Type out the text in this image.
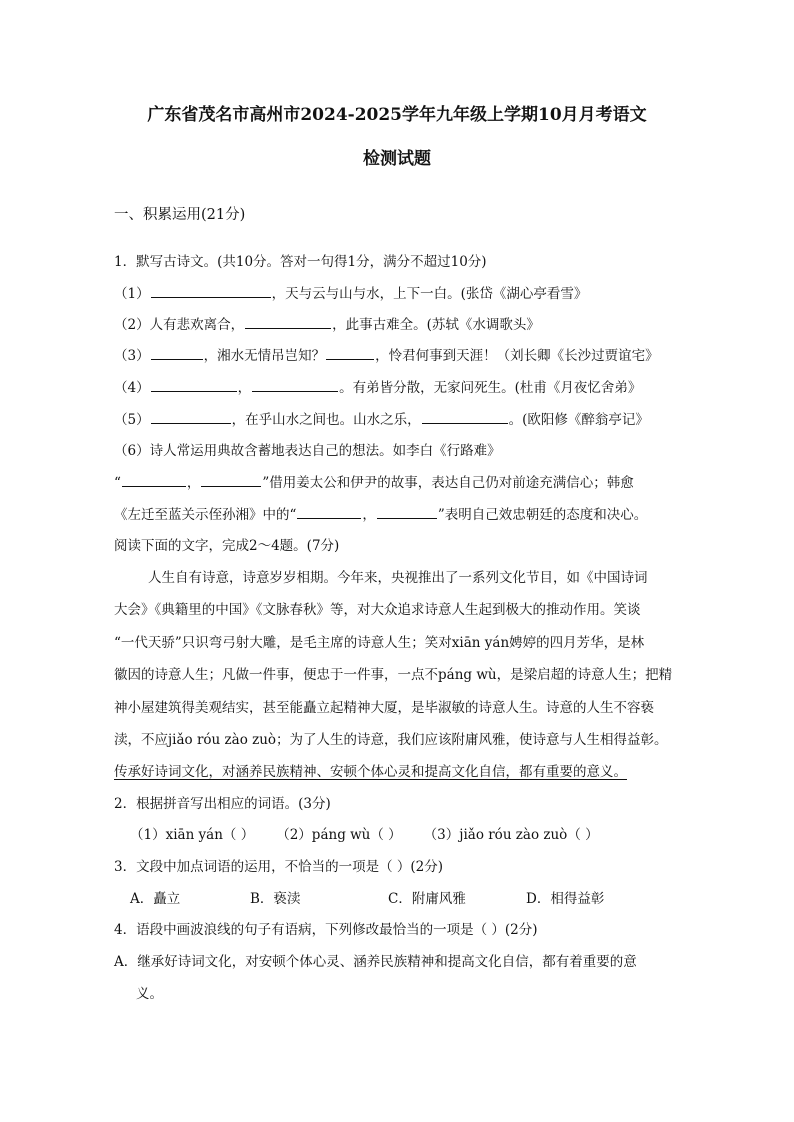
广东省茂名市高州市2024-2025学年九年级上学期10月月考语文
检测试题
一、积累运用(21分)
1．默写古诗文。(共10分。答对一句得1分，满分不超过10分)
（1）	，天与云与山与水，上下一白。(张岱《湖心亭看雪》
（2）人有悲欢离合，	，此事古难全。(苏轼《水调歌头》
（3）	，湘水无情吊岂知？	，怜君何事到天涯！（刘长卿《长沙过贾谊宅》
（4）	，	。有弟皆分散，无家问死生。(杜甫《月夜忆舍弟》
（5）	，在乎山水之间也。山水之乐，	。(欧阳修《醉翁亭记》
（6）诗人常运用典故含蓄地表达自己的想法。如李白《行路难》
“	，	”借用姜太公和伊尹的故事，表达自己仍对前途充满信心；韩愈
《左迁至蓝关示侄孙湘》中的“	，	”表明自己效忠朝廷的态度和决心。
阅读下面的文字，完成2～4题。(7分)
人生自有诗意，诗意岁岁相期。今年来，央视推出了一系列文化节目，如《中国诗词
大会》《典籍里的中国》《文脉春秋》等，对大众追求诗意人生起到极大的推动作用。笑谈
“一代天骄”只识弯弓射大雕，是毛主席的诗意人生；笑对xiān yán娉婷的四月芳华，是林
徽因的诗意人生；凡做一件事，便忠于一件事，一点不páng wù，是梁启超的诗意人生；把精
神小屋建筑得美观结实，甚至能矗立起精神大厦，是毕淑敏的诗意人生。诗意的人生不容亵
渎，不应jiǎo róu zào zuò；为了人生的诗意，我们应该附庸风雅，使诗意与人生相得益彰。
传承好诗词文化，对涵养民族精神、安顿个体心灵和提高文化自信，都有重要的意义。
2．根据拼音写出相应的词语。(3分)
（1）xiān yán（ ） （2）páng wù（ ） （3）jiǎo róu zào zuò（ ）
3．文段中加点词语的运用，不恰当的一项是（ ）(2分)
A．矗立	B．亵渎	C．附庸风雅	D．相得益彰
4．语段中画波浪线的句子有语病，下列修改最恰当的一项是（ ）(2分)
A．继承好诗词文化，对安顿个体心灵、涵养民族精神和提高文化自信，都有着重要的意
义。
